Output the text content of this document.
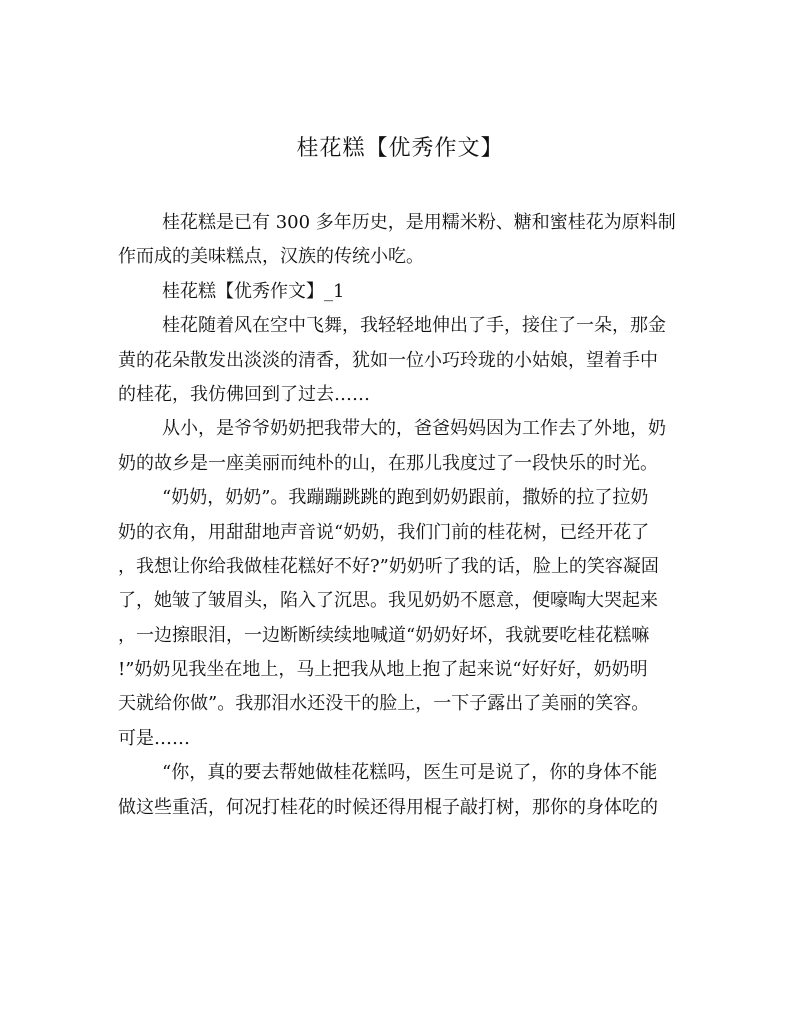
桂花糕【优秀作文】
桂花糕是已有 300 多年历史，是用糯米粉、糖和蜜桂花为原料制
作而成的美味糕点，汉族的传统小吃。
桂花糕【优秀作文】_1
桂花随着风在空中飞舞，我轻轻地伸出了手，接住了一朵，那金
黄的花朵散发出淡淡的清香，犹如一位小巧玲珑的小姑娘，望着手中
的桂花，我仿佛回到了过去……
从小，是爷爷奶奶把我带大的，爸爸妈妈因为工作去了外地，奶
奶的故乡是一座美丽而纯朴的山，在那儿我度过了一段快乐的时光。
“奶奶，奶奶”。我蹦蹦跳跳的跑到奶奶跟前，撒娇的拉了拉奶
奶的衣角，用甜甜地声音说“奶奶，我们门前的桂花树，已经开花了
，我想让你给我做桂花糕好不好?”奶奶听了我的话，脸上的笑容凝固
了，她皱了皱眉头，陷入了沉思。我见奶奶不愿意，便嚎啕大哭起来
，一边擦眼泪，一边断断续续地喊道“奶奶好坏，我就要吃桂花糕嘛
!”奶奶见我坐在地上，马上把我从地上抱了起来说“好好好，奶奶明
天就给你做”。我那泪水还没干的脸上，一下子露出了美丽的笑容。
可是……
“你，真的要去帮她做桂花糕吗，医生可是说了，你的身体不能
做这些重活，何况打桂花的时候还得用棍子敲打树，那你的身体吃的
